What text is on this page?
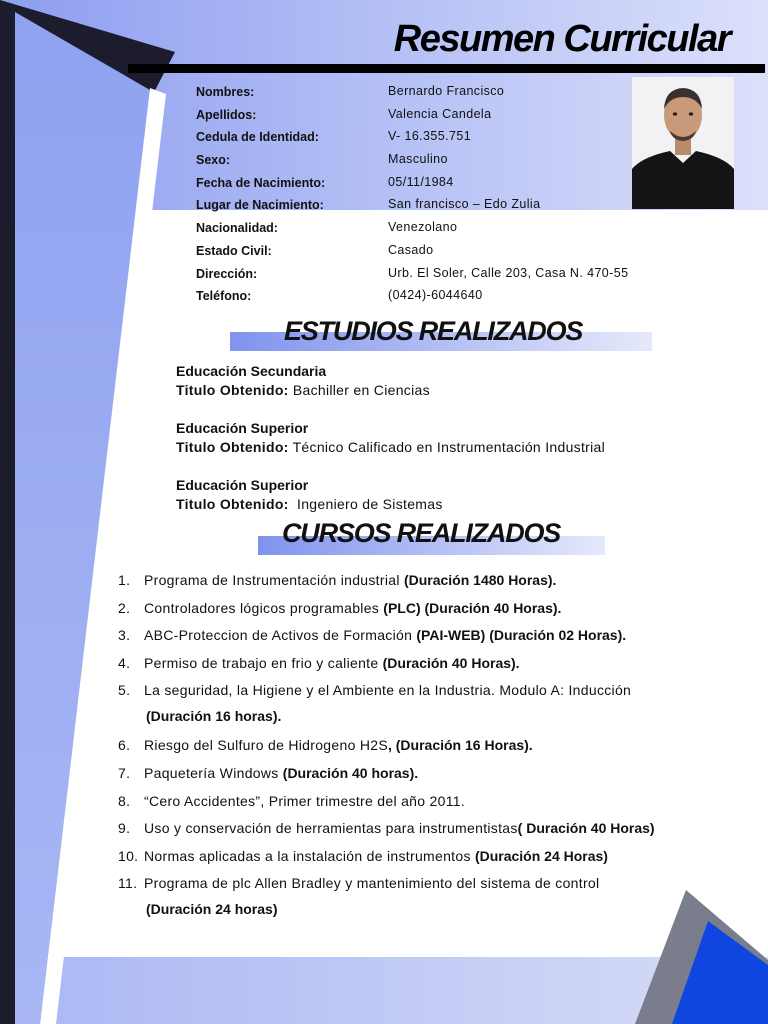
Resumen Curricular
Nombres:	Bernardo Francisco
Apellidos:	Valencia Candela
Cedula de Identidad:	V- 16.355.751
Sexo:	Masculino
Fecha de Nacimiento:	05/11/1984
Lugar de Nacimiento:	San francisco – Edo Zulia
Nacionalidad:	Venezolano
Estado Civil:	Casado
Dirección:	Urb. El Soler, Calle 203, Casa N. 470-55
Teléfono:	(0424)-6044640
ESTUDIOS REALIZADOS
Educación Secundaria
Titulo Obtenido: Bachiller en Ciencias
Educación Superior
Titulo Obtenido: Técnico Calificado en Instrumentación Industrial
Educación Superior
Titulo Obtenido: Ingeniero de Sistemas
CURSOS REALIZADOS
1. Programa de Instrumentación industrial (Duración 1480 Horas).
2. Controladores lógicos programables (PLC) (Duración 40 Horas).
3. ABC-Proteccion de Activos de Formación (PAI-WEB) (Duración 02 Horas).
4. Permiso de trabajo en frio y caliente (Duración 40 Horas).
5. La seguridad, la Higiene y el Ambiente en la Industria. Modulo A: Inducción
(Duración 16 horas).
6. Riesgo del Sulfuro de Hidrogeno H2S, (Duración 16 Horas).
7. Paquetería Windows (Duración 40 horas).
8. “Cero Accidentes”, Primer trimestre del año 2011.
9. Uso y conservación de herramientas para instrumentistas( Duración 40 Horas)
10. Normas aplicadas a la instalación de instrumentos (Duración 24 Horas)
11. Programa de plc Allen Bradley y mantenimiento del sistema de control
(Duración 24 horas)
